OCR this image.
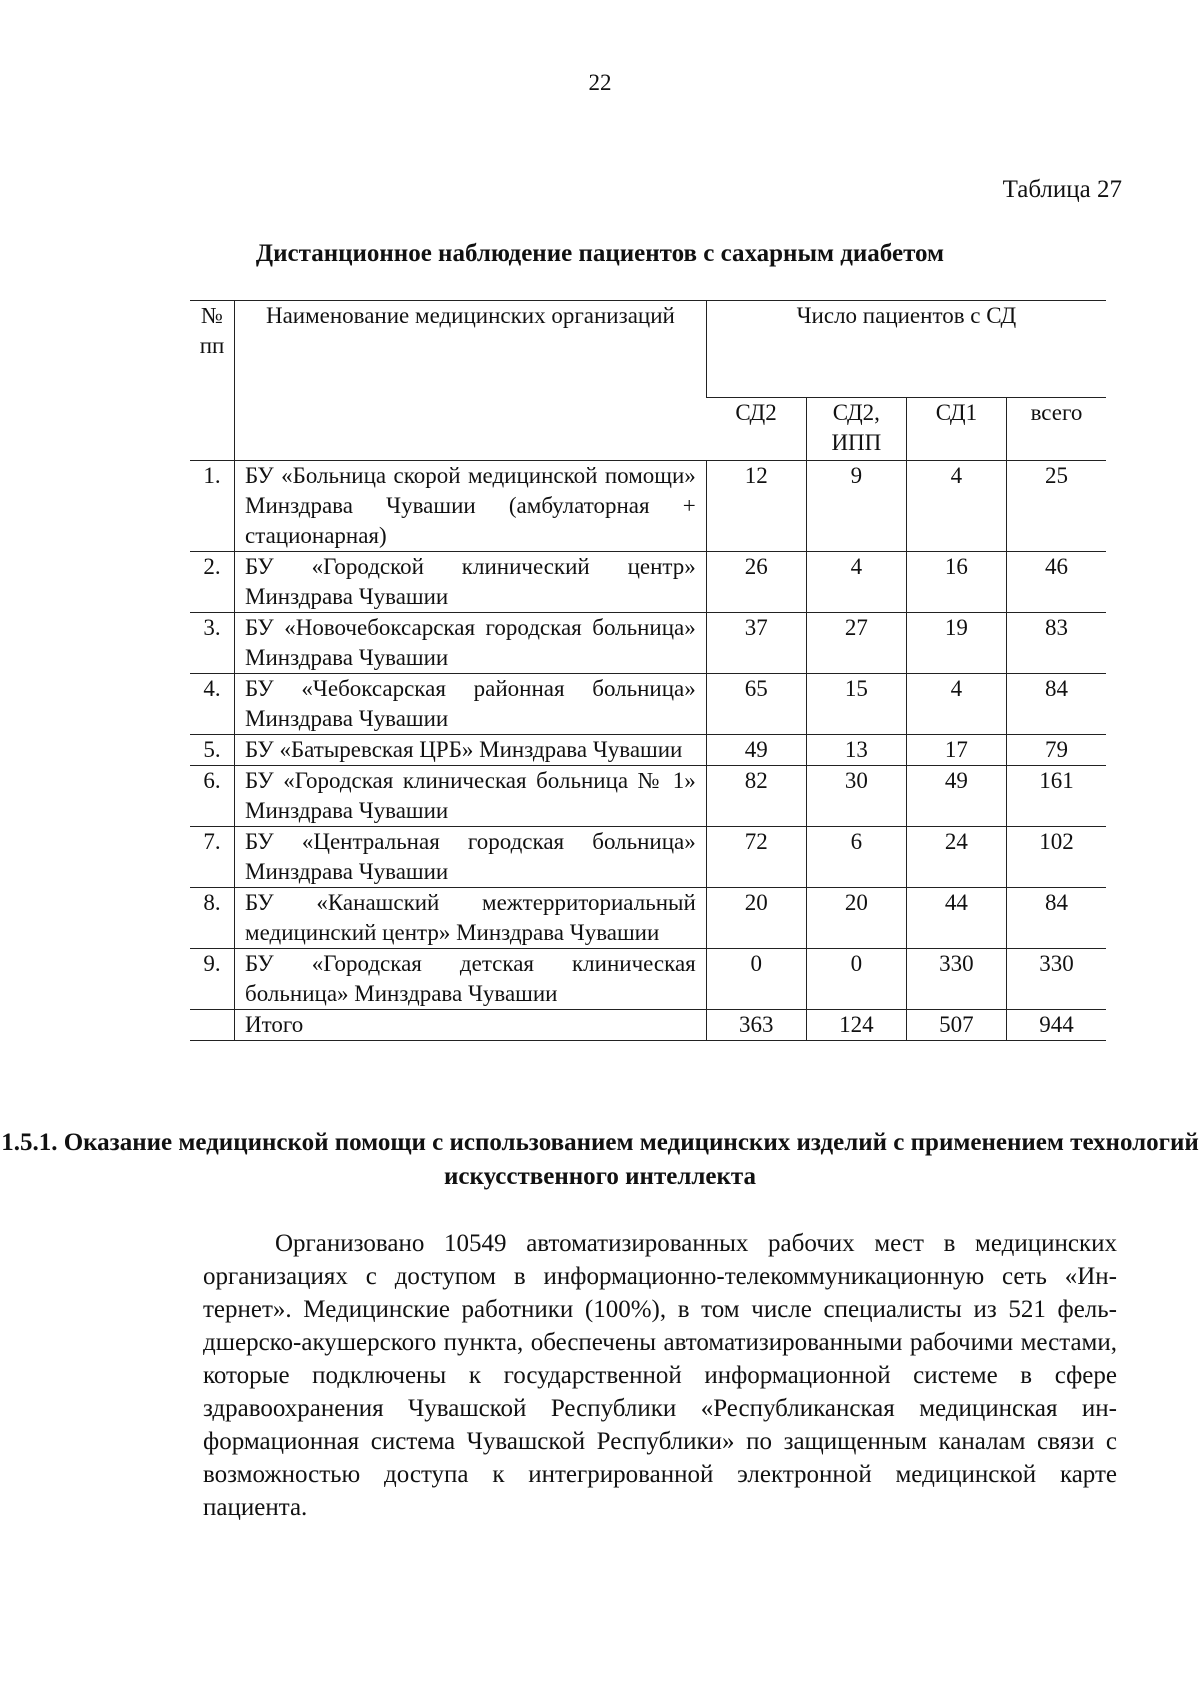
22
Таблица 27
Дистанционное наблюдение пациентов с сахарным диабетом
№ пп	Наименование медицинских организаций	Число пациентов с СД			
		СД2	СД2, ИПП	СД1	всего
1.	БУ «Больница скорой медицинской помощи» Минздрава Чувашии (амбулаторная + стационарная)	12	9	4	25
2.	БУ «Городской клинический центр» Минздрава Чувашии	26	4	16	46
3.	БУ «Новочебоксарская городская больница» Минздрава Чувашии	37	27	19	83
4.	БУ «Чебоксарская районная больница» Минздрава Чувашии	65	15	4	84
5.	БУ «Батыревская ЦРБ» Минздрава Чувашии	49	13	17	79
6.	БУ «Городская клиническая больница № 1» Минздрава Чувашии	82	30	49	161
7.	БУ «Центральная городская больница» Минздрава Чувашии	72	6	24	102
8.	БУ «Канашский межтерриториальный медицинский центр» Минздрава Чувашии	20	20	44	84
9.	БУ «Городская детская клиническая больница» Минздрава Чувашии	0	0	330	330
	Итого	363	124	507	944
1.5.1. Оказание медицинской помощи с использованием медицинских изделий с применением технологий искусственного интеллекта

Организовано 10549 автоматизированных рабочих мест в медицинских организациях с доступом в информационно-телекоммуникационную сеть «Интернет». Медицинские работники (100%), в том числе специалисты из 521 фельдшерско-акушерского пункта, обеспечены автоматизированными рабочими местами, которые подключены к государственной информационной системе в сфере здравоохранения Чувашской Республики «Республиканская медицинская информационная система Чувашской Республики» по защищенным каналам связи с возможностью доступа к интегрированной электронной медицинской карте пациента.
